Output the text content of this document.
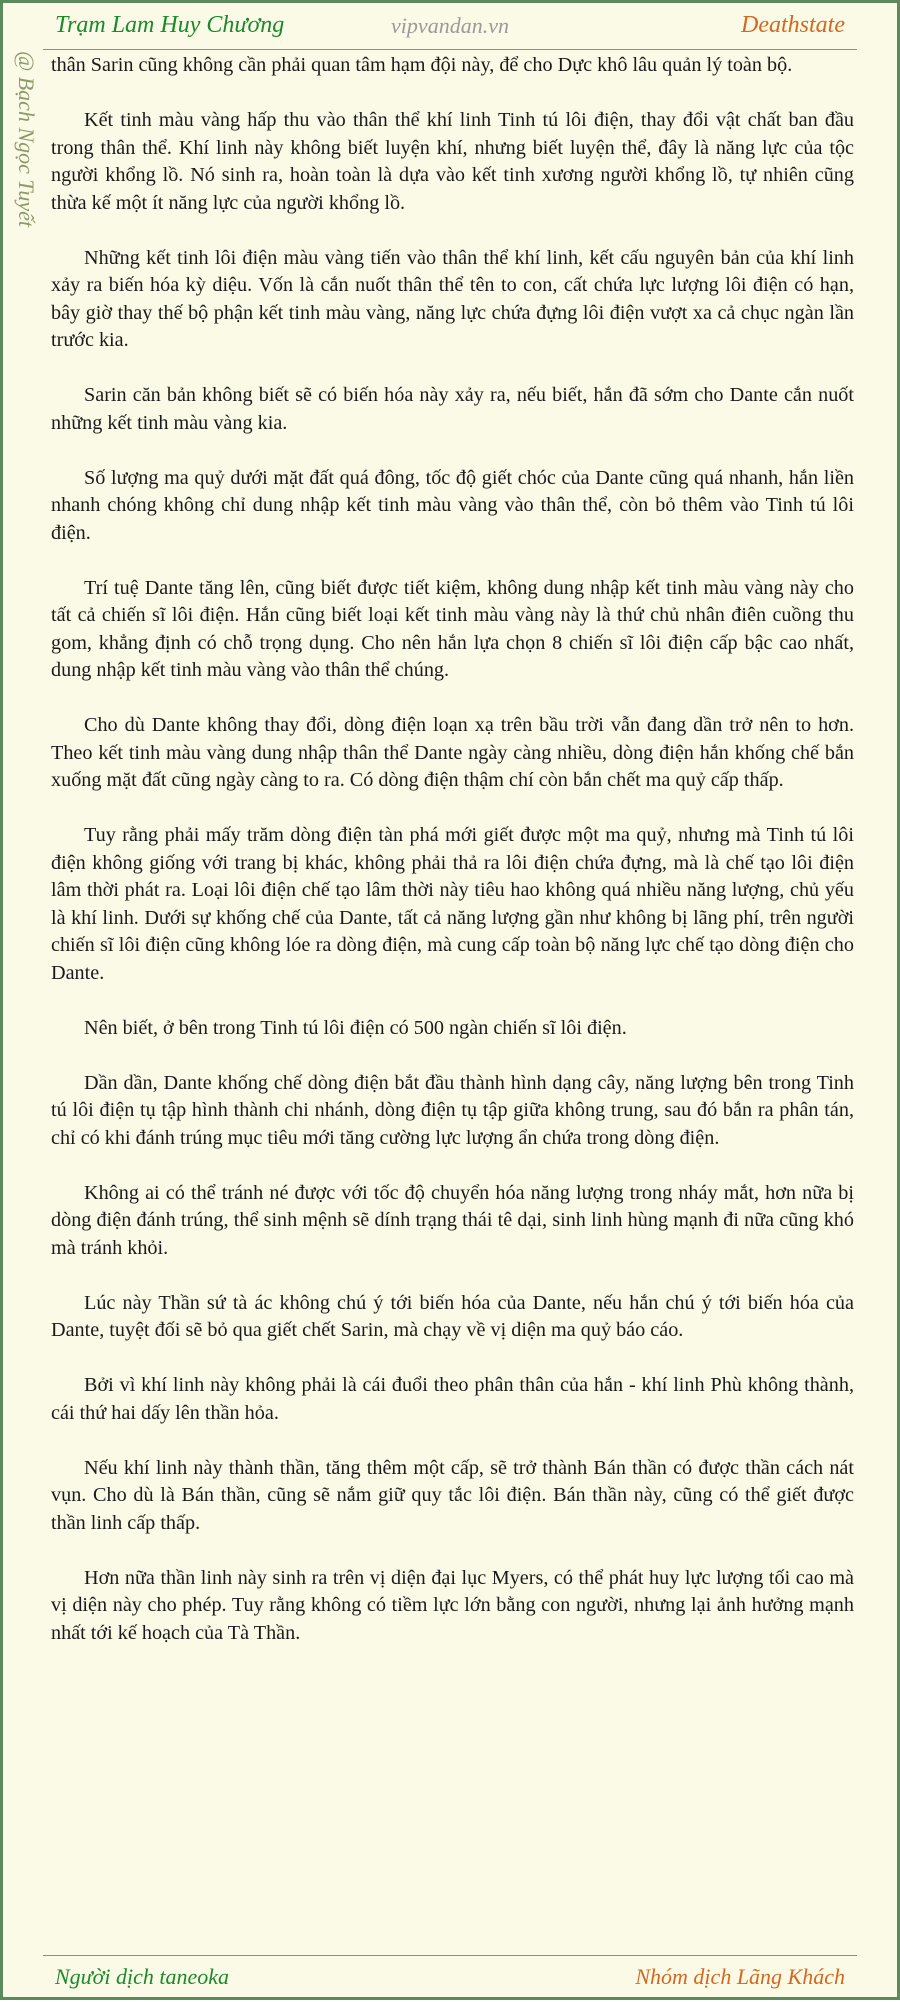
Trạm Lam Huy Chương	vipvandan.vn	Deathstate
@ Bạch Ngọc Tuyết thân Sarin cũng không cần phải quan tâm hạm đội này, để cho Dực khô lâu quản lý toàn bộ.

Kết tinh màu vàng hấp thu vào thân thể khí linh Tinh tú lôi điện, thay đổi vật chất ban đầu trong thân thể. Khí linh này không biết luyện khí, nhưng biết luyện thể, đây là năng lực của tộc người khổng lồ. Nó sinh ra, hoàn toàn là dựa vào kết tinh xương người khổng lồ, tự nhiên cũng thừa kế một ít năng lực của người khổng lồ.

Những kết tinh lôi điện màu vàng tiến vào thân thể khí linh, kết cấu nguyên bản của khí linh xảy ra biến hóa kỳ diệu. Vốn là cắn nuốt thân thể tên to con, cất chứa lực lượng lôi điện có hạn, bây giờ thay thế bộ phận kết tinh màu vàng, năng lực chứa đựng lôi điện vượt xa cả chục ngàn lần trước kia.

Sarin căn bản không biết sẽ có biến hóa này xảy ra, nếu biết, hắn đã sớm cho Dante cắn nuốt những kết tinh màu vàng kia.

Số lượng ma quỷ dưới mặt đất quá đông, tốc độ giết chóc của Dante cũng quá nhanh, hắn liền nhanh chóng không chỉ dung nhập kết tinh màu vàng vào thân thể, còn bỏ thêm vào Tinh tú lôi điện.

Trí tuệ Dante tăng lên, cũng biết được tiết kiệm, không dung nhập kết tinh màu vàng này cho tất cả chiến sĩ lôi điện. Hắn cũng biết loại kết tinh màu vàng này là thứ chủ nhân điên cuồng thu gom, khẳng định có chỗ trọng dụng. Cho nên hắn lựa chọn 8 chiến sĩ lôi điện cấp bậc cao nhất, dung nhập kết tinh màu vàng vào thân thể chúng.

Cho dù Dante không thay đổi, dòng điện loạn xạ trên bầu trời vẫn đang dần trở nên to hơn. Theo kết tinh màu vàng dung nhập thân thể Dante ngày càng nhiều, dòng điện hắn khống chế bắn xuống mặt đất cũng ngày càng to ra. Có dòng điện thậm chí còn bắn chết ma quỷ cấp thấp.

Tuy rằng phải mấy trăm dòng điện tàn phá mới giết được một ma quỷ, nhưng mà Tinh tú lôi điện không giống với trang bị khác, không phải thả ra lôi điện chứa đựng, mà là chế tạo lôi điện lâm thời phát ra. Loại lôi điện chế tạo lâm thời này tiêu hao không quá nhiều năng lượng, chủ yếu là khí linh. Dưới sự khống chế của Dante, tất cả năng lượng gần như không bị lãng phí, trên người chiến sĩ lôi điện cũng không lóe ra dòng điện, mà cung cấp toàn bộ năng lực chế tạo dòng điện cho Dante.

Nên biết, ở bên trong Tinh tú lôi điện có 500 ngàn chiến sĩ lôi điện.

Dần dần, Dante khống chế dòng điện bắt đầu thành hình dạng cây, năng lượng bên trong Tinh tú lôi điện tụ tập hình thành chi nhánh, dòng điện tụ tập giữa không trung, sau đó bắn ra phân tán, chỉ có khi đánh trúng mục tiêu mới tăng cường lực lượng ẩn chứa trong dòng điện.

Không ai có thể tránh né được với tốc độ chuyển hóa năng lượng trong nháy mắt, hơn nữa bị dòng điện đánh trúng, thể sinh mệnh sẽ dính trạng thái tê dại, sinh linh hùng mạnh đi nữa cũng khó mà tránh khỏi.

Lúc này Thần sứ tà ác không chú ý tới biến hóa của Dante, nếu hắn chú ý tới biến hóa của Dante, tuyệt đối sẽ bỏ qua giết chết Sarin, mà chạy về vị diện ma quỷ báo cáo.

Bởi vì khí linh này không phải là cái đuổi theo phân thân của hắn - khí linh Phù không thành, cái thứ hai dấy lên thần hỏa.

Nếu khí linh này thành thần, tăng thêm một cấp, sẽ trở thành Bán thần có được thần cách nát vụn. Cho dù là Bán thần, cũng sẽ nắm giữ quy tắc lôi điện. Bán thần này, cũng có thể giết được thần linh cấp thấp.

Hơn nữa thần linh này sinh ra trên vị diện đại lục Myers, có thể phát huy lực lượng tối cao mà vị diện này cho phép. Tuy rằng không có tiềm lực lớn bằng con người, nhưng lại ảnh hưởng mạnh nhất tới kế hoạch của Tà Thần.

Người dịch taneoka	Nhóm dịch Lãng Khách
